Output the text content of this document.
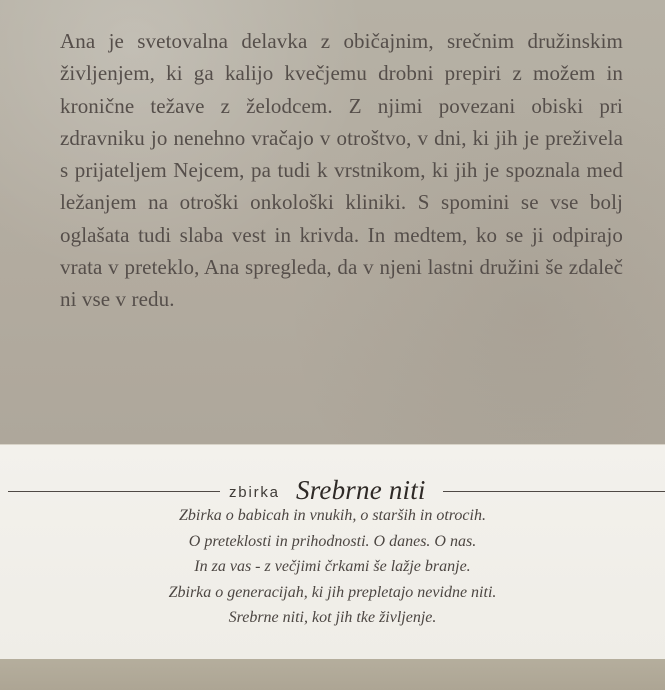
Ana je svetovalna delavka z običajnim, srečnim družinskim življenjem, ki ga kalijo kvečjemu drobni prepiri z možem in kronične težave z želodcem. Z njimi povezani obiski pri zdravniku jo nenehno vračajo v otroštvo, v dni, ki jih je preživela s prijateljem Nejcem, pa tudi k vrstnikom, ki jih je spoznala med ležanjem na otroški onkološki kliniki. S spomini se vse bolj oglašata tudi slaba vest in krivda. In medtem, ko se ji odpirajo vrata v preteklo, Ana spregleda, da v njeni lastni družini še zdaleč ni vse v redu.

zbirka Srebrne niti
Zbirka o babicah in vnukih, o starših in otrocih.
O preteklosti in prihodnosti. O danes. O nas.
In za vas - z večjimi črkami še lažje branje.
Zbirka o generacijah, ki jih prepletajo nevidne niti.
Srebrne niti, kot jih tke življenje.
